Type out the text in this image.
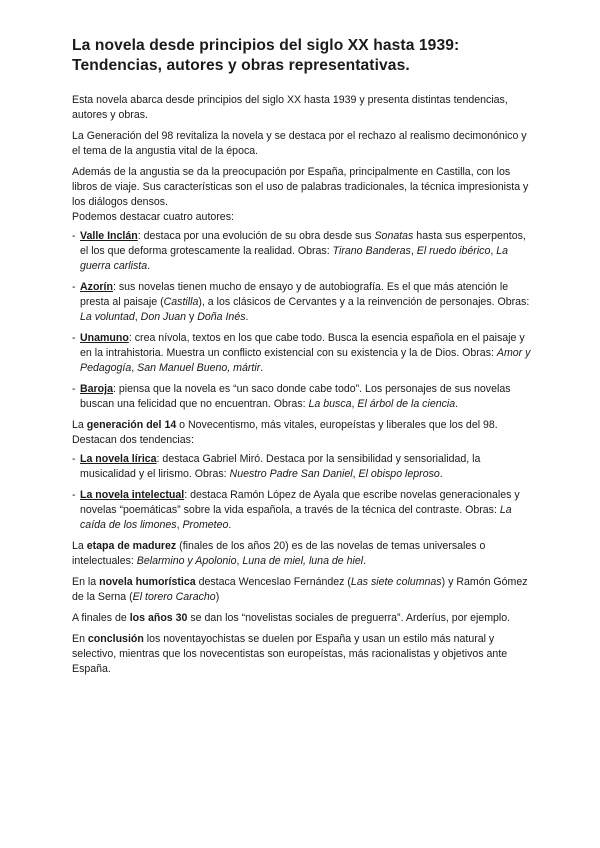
La novela desde principios del siglo XX hasta 1939:
Tendencias, autores y obras representativas.

Esta novela abarca desde principios del siglo XX hasta 1939 y presenta distintas tendencias, autores y obras.

La Generación del 98 revitaliza la novela y se destaca por el rechazo al realismo decimonónico y el tema de la angustia vital de la época.

Además de la angustia se da la preocupación por España, principalmente en Castilla, con los libros de viaje. Sus características son el uso de palabras tradicionales, la técnica impresionista y los diálogos densos.

Podemos destacar cuatro autores:

- Valle Inclán: destaca por una evolución de su obra desde sus Sonatas hasta sus esperpentos, el los que deforma grotescamente la realidad. Obras: Tirano Banderas, El ruedo ibérico, La guerra carlista.
- Azorín: sus novelas tienen mucho de ensayo y de autobiografía. Es el que más atención le presta al paisaje (Castilla), a los clásicos de Cervantes y a la reinvención de personajes. Obras: La voluntad, Don Juan y Doña Inés.
- Unamuno: crea nívola, textos en los que cabe todo. Busca la esencia española en el paisaje y en la intrahistoria. Muestra un conflicto existencial con su existencia y la de Dios. Obras: Amor y Pedagogía, San Manuel Bueno, mártir.
- Baroja: piensa que la novela es “un saco donde cabe todo”. Los personajes de sus novelas buscan una felicidad que no encuentran. Obras: La busca, El árbol de la ciencia.

La generación del 14 o Novecentismo, más vitales, europeístas y liberales que los del 98. Destacan dos tendencias:

- La novela lírica: destaca Gabriel Miró. Destaca por la sensibilidad y sensorialidad, la musicalidad y el lirismo. Obras: Nuestro Padre San Daniel, El obispo leproso.
- La novela intelectual: destaca Ramón López de Ayala que escribe novelas generacionales y novelas “poemáticas” sobre la vida española, a través de la técnica del contraste. Obras: La caída de los limones, Prometeo.

La etapa de madurez (finales de los años 20) es de las novelas de temas universales o intelectuales: Belarmino y Apolonio, Luna de miel, luna de hiel.

En la novela humorística destaca Wenceslao Fernández (Las siete columnas) y Ramón Gómez de la Serna (El torero Caracho)

A finales de los años 30 se dan los “novelistas sociales de preguerra”. Arderíus, por ejemplo.

En conclusión los noventayochistas se duelen por España y usan un estilo más natural y selectivo, mientras que los novecentistas son europeístas, más racionalistas y objetivos ante España.
